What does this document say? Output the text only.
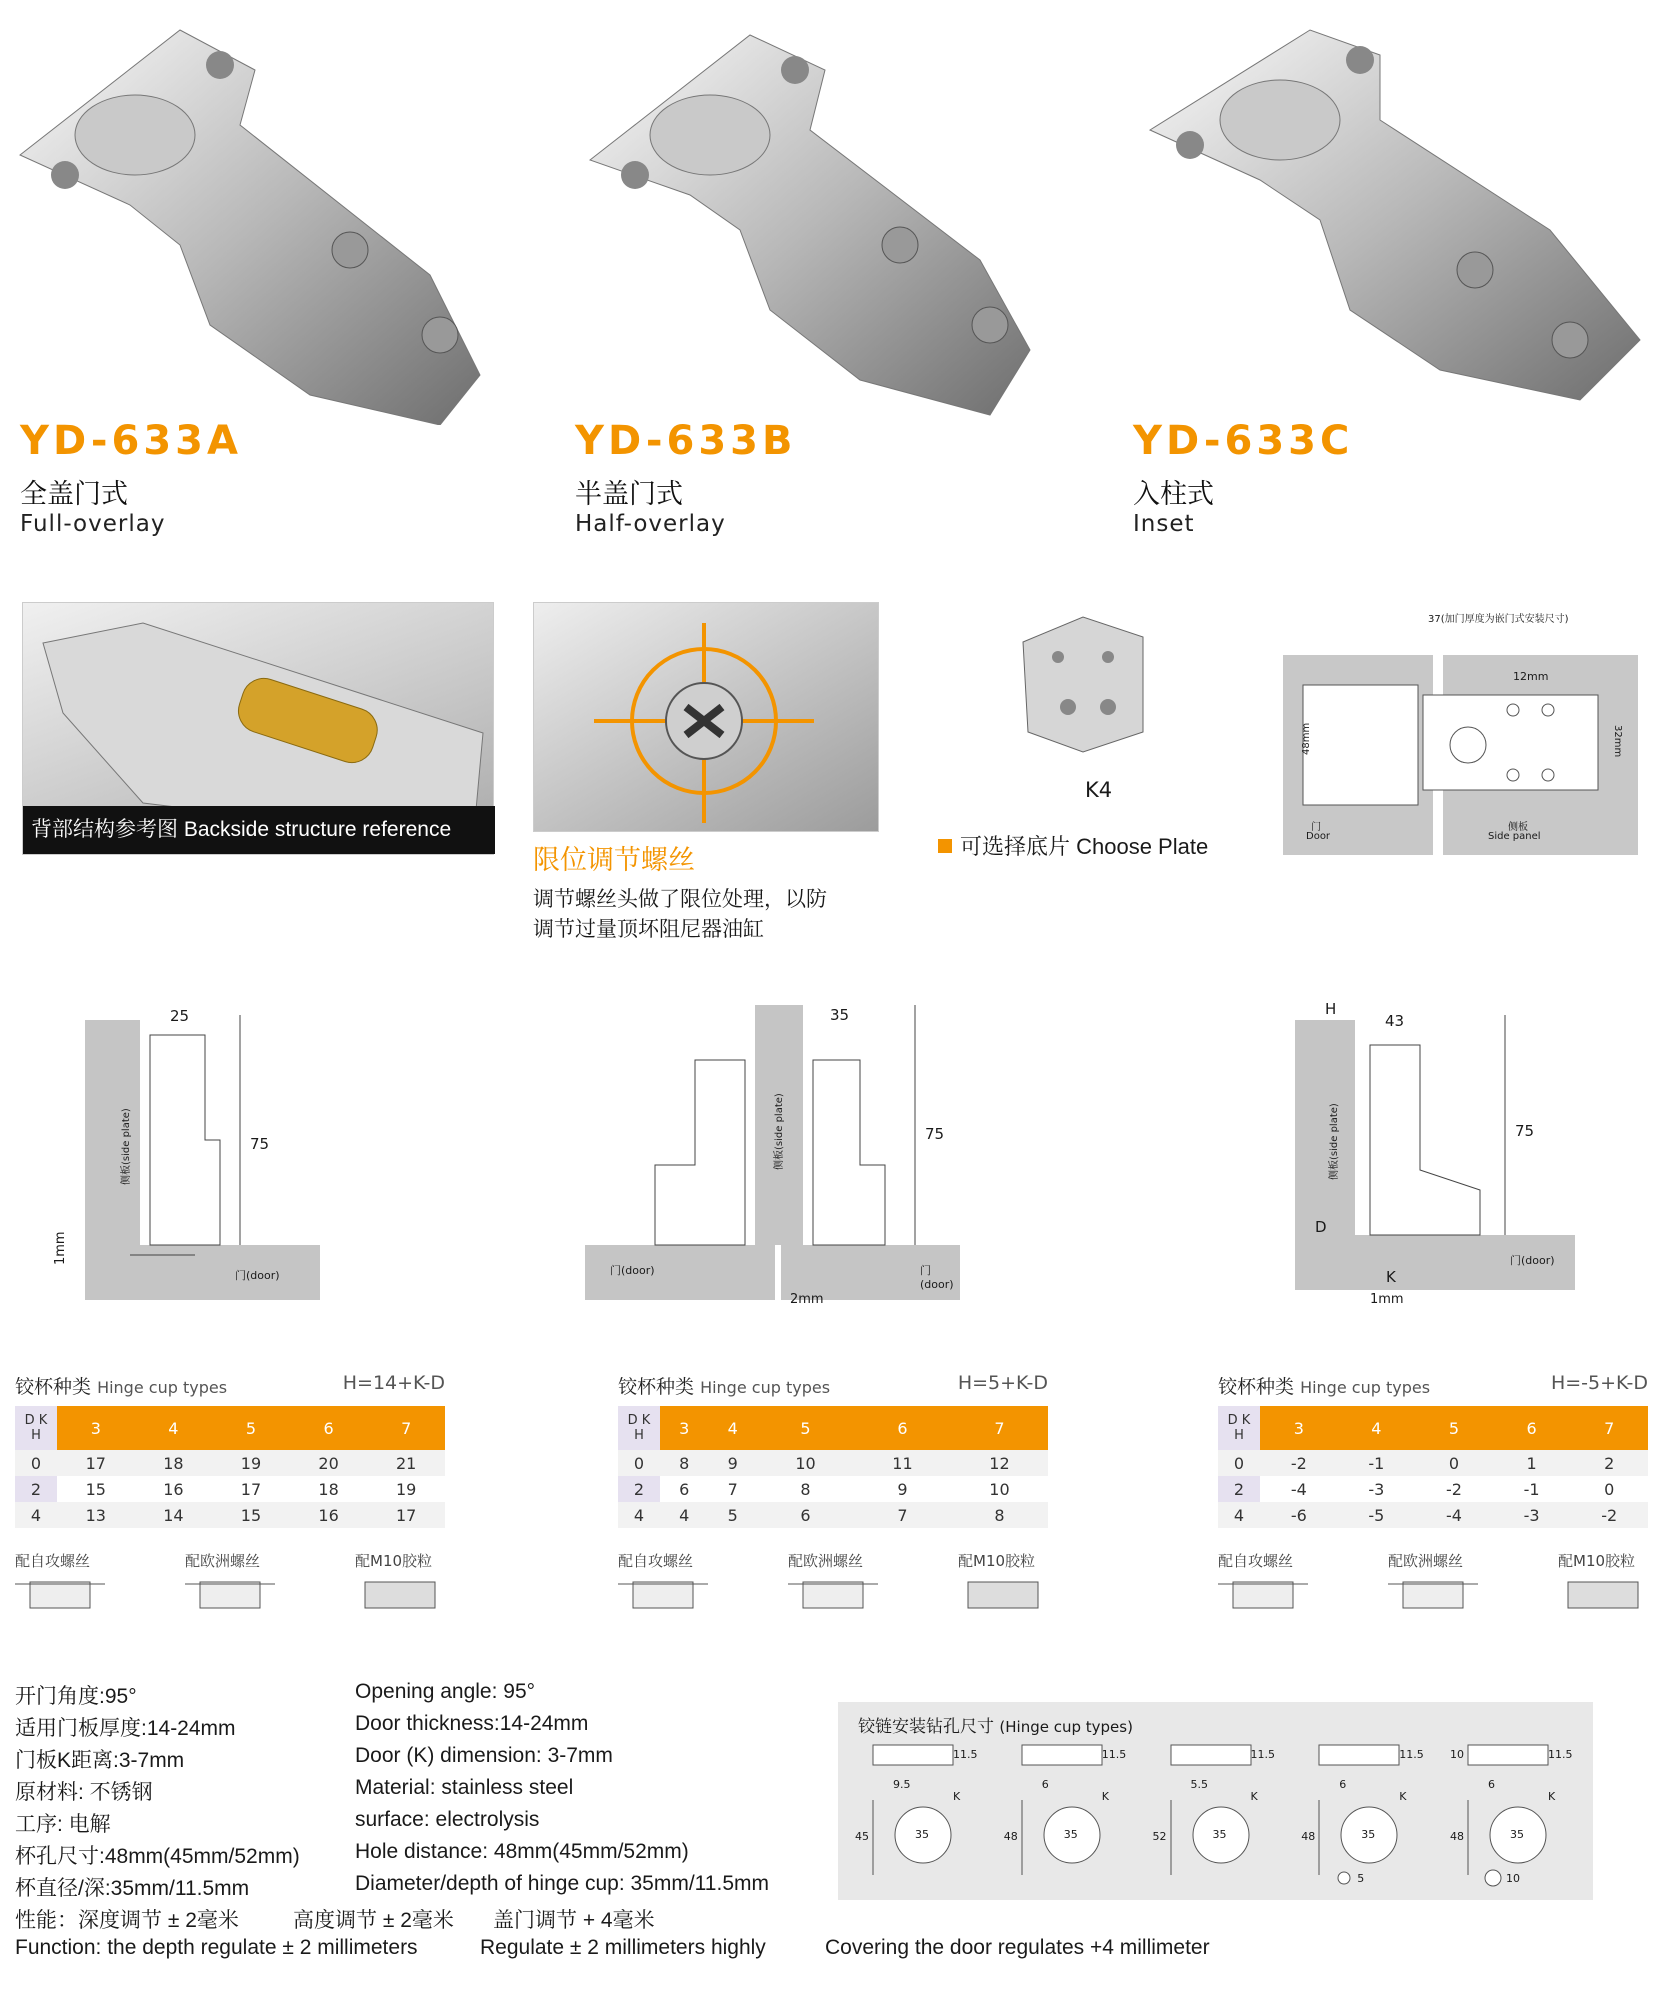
YD-633A
全盖门式
Full-overlay
YD-633B
半盖门式
Half-overlay
YD-633C
入柱式
Inset
背部结构参考图 Backside structure reference
限位调节螺丝
调节螺丝头做了限位处理，以防
调节过量顶坏阻尼器油缸
K4
可选择底片 Choose Plate
37(加门厚度为嵌门式安装尺寸)
12mm
48mm	32mm
门
Door
侧板
Side panel
25
75
1mm
侧板(side plate)
门(door)
35
75
2mm
侧板(side plate)
门(door)	门(door)
H
43
75
D
K
1mm
侧板(side plate)
门(door)
铰杯种类 Hinge cup types	H=14+K-D
D K
H	3	4	5	6	7
0	17	18	19	20	21
2	15	16	17	18	19
4	13	14	15	16	17
配自攻螺丝	配欧洲螺丝	配M10胶粒
铰杯种类 Hinge cup types	H=5+K-D
D K
H	3	4	5	6	7
0	8	9	10	11	12
2	6	7	8	9	10
4	4	5	6	7	8
配自攻螺丝	配欧洲螺丝	配M10胶粒
铰杯种类 Hinge cup types	H=-5+K-D
D K
H	3	4	5	6	7
0	-2	-1	0	1	2
2	-4	-3	-2	-1	0
4	-6	-5	-4	-3	-2
配自攻螺丝	配欧洲螺丝	配M10胶粒
开门角度:95°
适用门板厚度:14-24mm
门板K距离:3-7mm
原材料: 不锈钢
工序: 电解
杯孔尺寸:48mm(45mm/52mm)
杯直径/深:35mm/11.5mm
Opening angle: 95°
Door thickness:14-24mm
Door (K) dimension: 3-7mm
Material: stainless steel
surface: electrolysis
Hole distance: 48mm(45mm/52mm)
Diameter/depth of hinge cup: 35mm/11.5mm
性能：深度调节 ± 2毫米	高度调节 ± 2毫米	盖门调节 + 4毫米
Function: the depth regulate ± 2 millimeters	Regulate ± 2 millimeters highly	Covering the door regulates +4 millimeter
铰链安装钻孔尺寸 (Hinge cup types)
11.5
9.5
45	35
K
11.5
6
48	35
K
11.5
5.5
52	35
K
11.5
6
48	35
K
5
10	11.5
6
48	35
K
10
